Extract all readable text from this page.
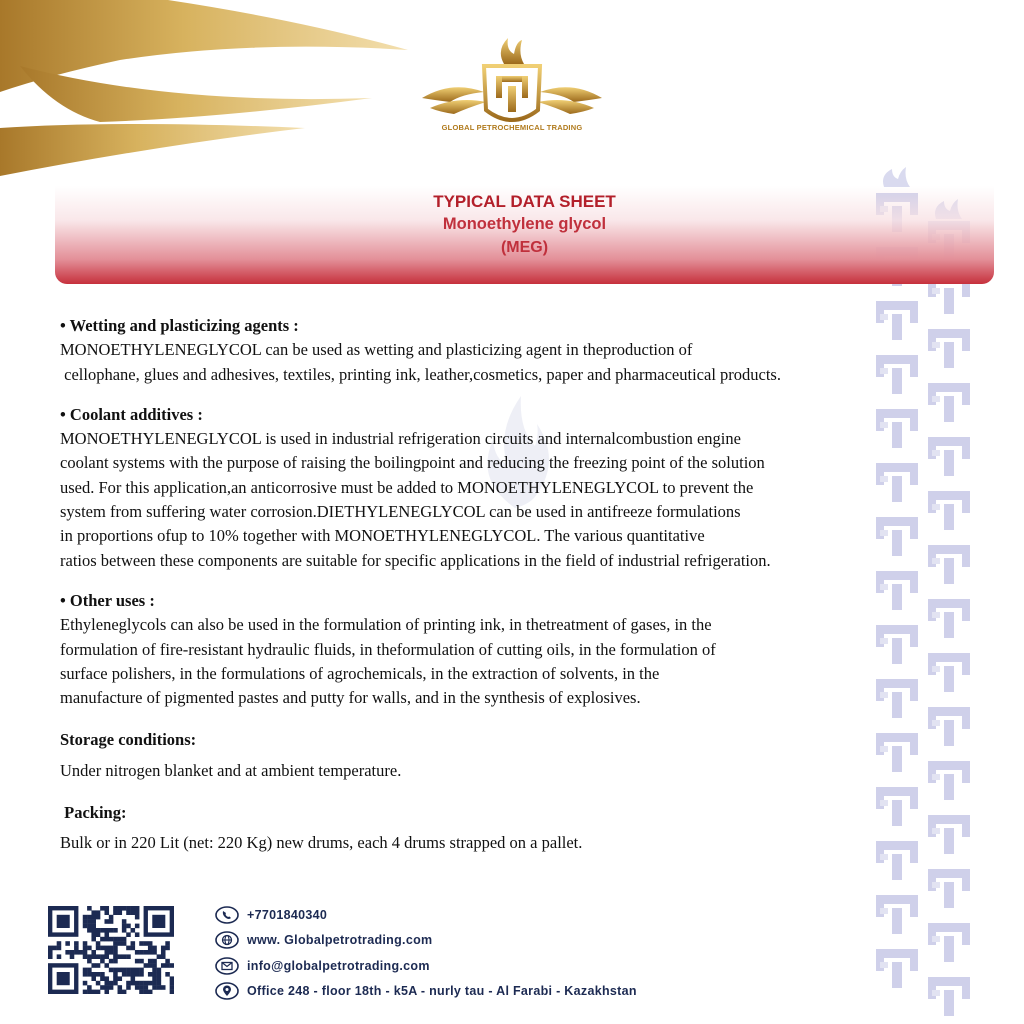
GLOBAL PETROCHEMICAL TRADING
TYPICAL DATA SHEET
Monoethylene glycol
(MEG)
• Wetting and plasticizing agents :
MONOETHYLENEGLYCOL can be used as wetting and plasticizing agent in theproduction of
cellophane, glues and adhesives, textiles, printing ink, leather,cosmetics, paper and pharmaceutical products.
• Coolant additives :
MONOETHYLENEGLYCOL is used in industrial refrigeration circuits and internalcombustion engine
coolant systems with the purpose of raising the boilingpoint and reducing the freezing point of the solution
used. For this application,an anticorrosive must be added to MONOETHYLENEGLYCOL to prevent the
system from suffering water corrosion.DIETHYLENEGLYCOL can be used in antifreeze formulations
in proportions ofup to 10% together with MONOETHYLENEGLYCOL. The various quantitative
ratios between these components are suitable for specific applications in the field of industrial refrigeration.
• Other uses :
Ethyleneglycols can also be used in the formulation of printing ink, in thetreatment of gases, in the
formulation of fire-resistant hydraulic fluids, in theformulation of cutting oils, in the formulation of
surface polishers, in the formulations of agrochemicals, in the extraction of solvents, in the
manufacture of pigmented pastes and putty for walls, and in the synthesis of explosives.
Storage conditions:
Under nitrogen blanket and at ambient temperature.
Packing:
Bulk or in 220 Lit (net: 220 Kg) new drums, each 4 drums strapped on a pallet.
+7701840340
www. Globalpetrotrading.com
info@globalpetrotrading.com
Office 248 - floor 18th - k5A - nurly tau - Al Farabi - Kazakhstan
